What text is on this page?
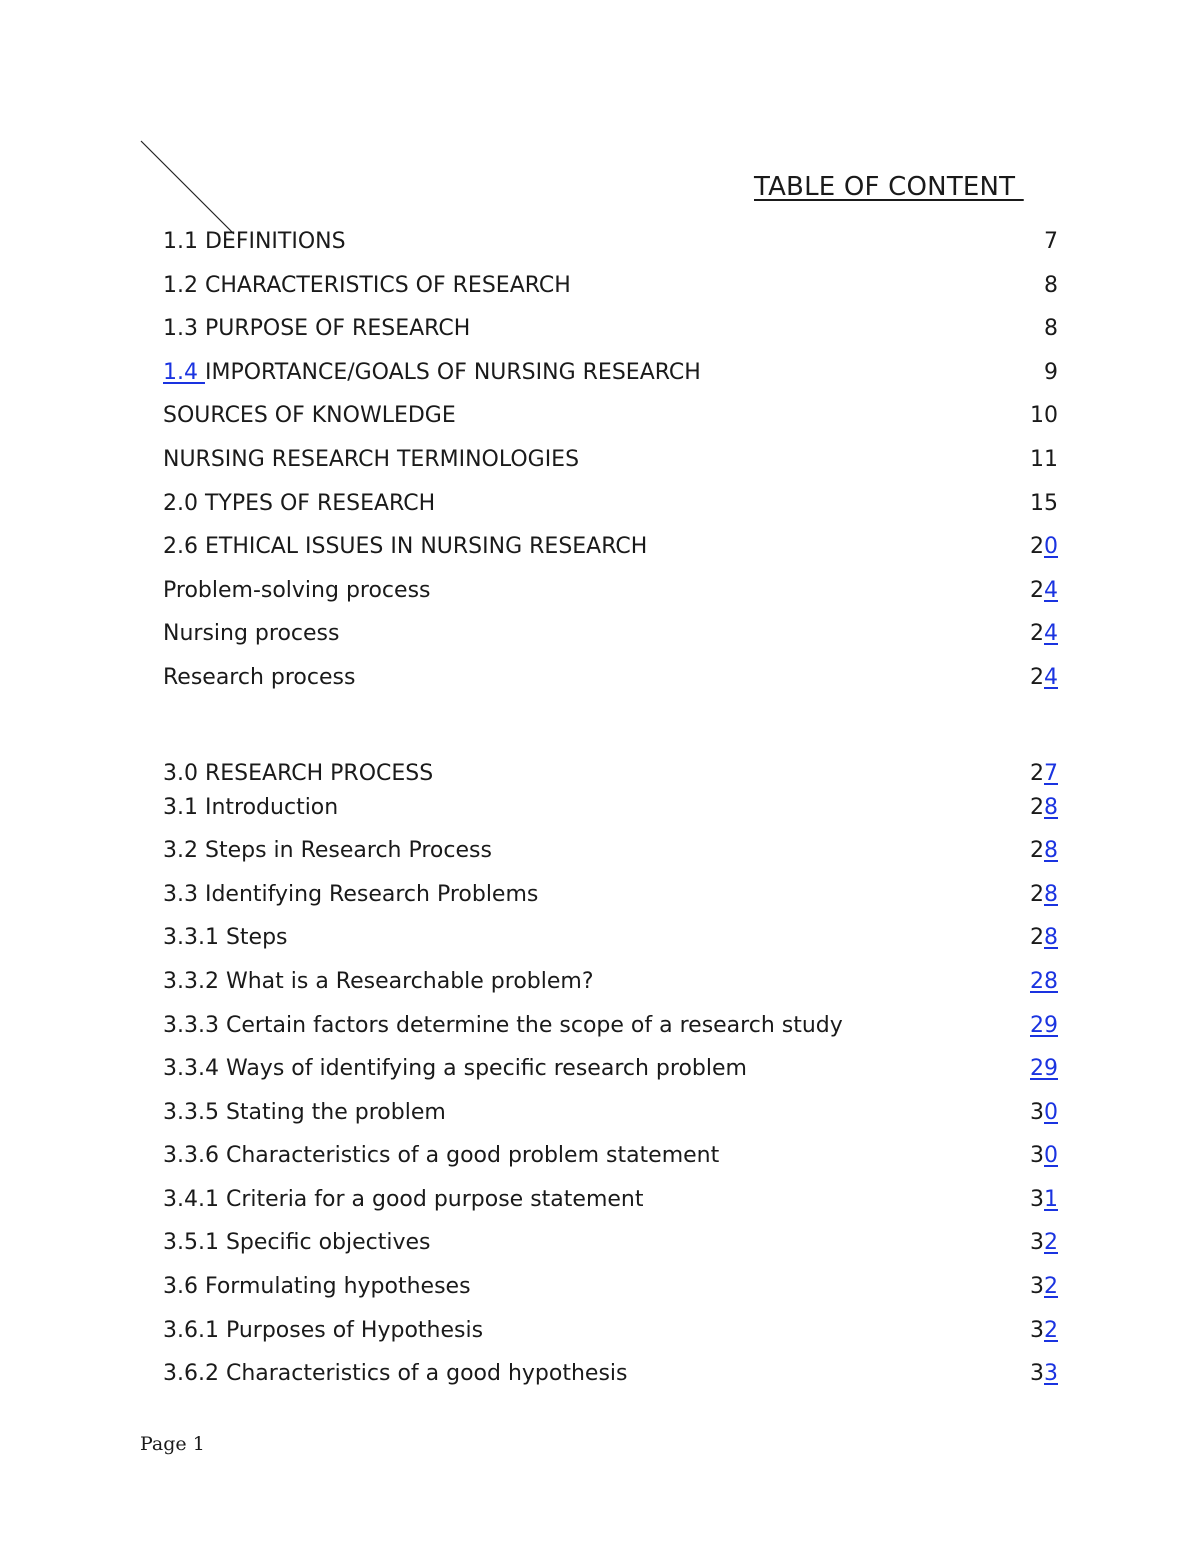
TABLE OF CONTENT
1.1 DEFINITIONS	7
1.2 CHARACTERISTICS OF RESEARCH	8
1.3 PURPOSE OF RESEARCH	8
1.4 IMPORTANCE/GOALS OF NURSING RESEARCH	9
SOURCES OF KNOWLEDGE	10
NURSING RESEARCH TERMINOLOGIES	11
2.0 TYPES OF RESEARCH	15
2.6 ETHICAL ISSUES IN NURSING RESEARCH	20
Problem-solving process	24
Nursing process	24
Research process	24
3.0 RESEARCH PROCESS	27
3.1 Introduction	28
3.2 Steps in Research Process	28
3.3 Identifying Research Problems	28
3.3.1 Steps	28
3.3.2 What is a Researchable problem?	28
3.3.3 Certain factors determine the scope of a research study	29
3.3.4 Ways of identifying a specific research problem	29
3.3.5 Stating the problem	30
3.3.6 Characteristics of a good problem statement	30
3.4.1 Criteria for a good purpose statement	31
3.5.1 Specific objectives	32
3.6 Formulating hypotheses	32
3.6.1 Purposes of Hypothesis	32
3.6.2 Characteristics of a good hypothesis	33
Page 1
